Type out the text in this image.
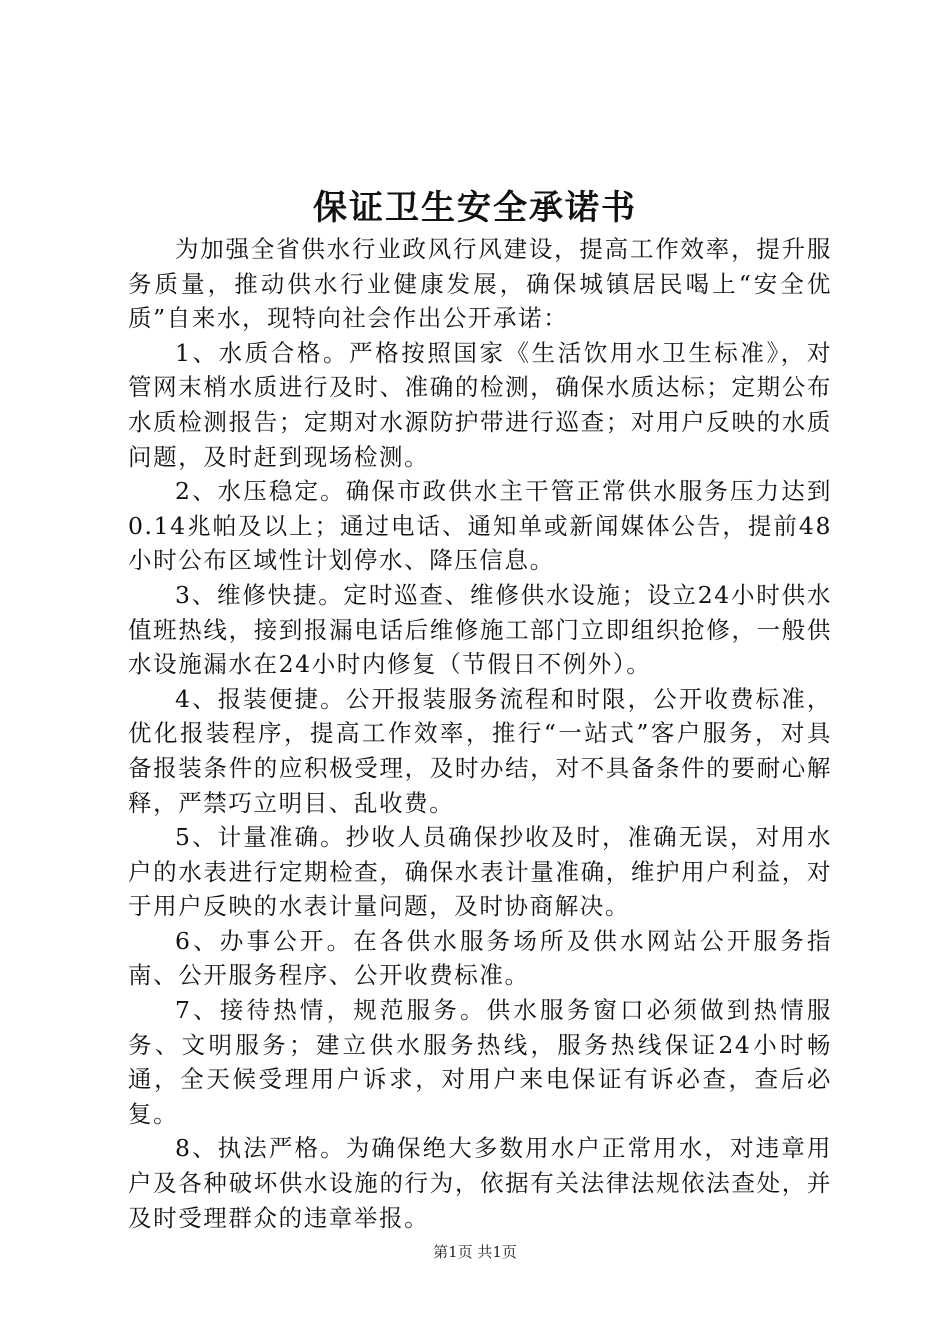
保证卫生安全承诺书

为加强全省供水行业政风行风建设，提高工作效率，提升服务质量，推动供水行业健康发展，确保城镇居民喝上“安全优质”自来水，现特向社会作出公开承诺：

1、水质合格。严格按照国家《生活饮用水卫生标准》，对管网末梢水质进行及时、准确的检测，确保水质达标；定期公布水质检测报告；定期对水源防护带进行巡查；对用户反映的水质问题，及时赶到现场检测。

2、水压稳定。确保市政供水主干管正常供水服务压力达到0.14兆帕及以上；通过电话、通知单或新闻媒体公告，提前48小时公布区域性计划停水、降压信息。

3、维修快捷。定时巡查、维修供水设施；设立24小时供水值班热线，接到报漏电话后维修施工部门立即组织抢修，一般供水设施漏水在24小时内修复（节假日不例外）。

4、报装便捷。公开报装服务流程和时限，公开收费标准，优化报装程序，提高工作效率，推行“一站式”客户服务，对具备报装条件的应积极受理，及时办结，对不具备条件的要耐心解释，严禁巧立明目、乱收费。

5、计量准确。抄收人员确保抄收及时，准确无误，对用水户的水表进行定期检查，确保水表计量准确，维护用户利益，对于用户反映的水表计量问题，及时协商解决。

6、办事公开。在各供水服务场所及供水网站公开服务指南、公开服务程序、公开收费标准。

7、接待热情，规范服务。供水服务窗口必须做到热情服务、文明服务；建立供水服务热线，服务热线保证24小时畅通，全天候受理用户诉求，对用户来电保证有诉必查，查后必复。

8、执法严格。为确保绝大多数用水户正常用水，对违章用户及各种破坏供水设施的行为，依据有关法律法规依法查处，并及时受理群众的违章举报。

第1页 共1页
